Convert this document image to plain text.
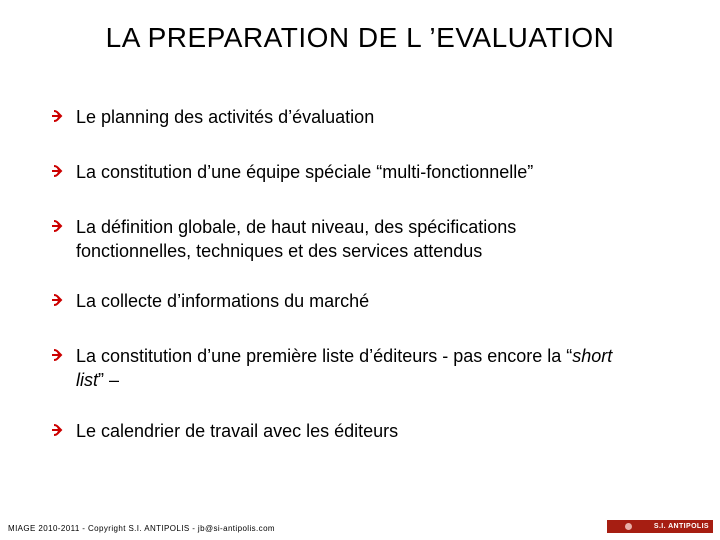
LA PREPARATION DE L ’EVALUATION
Le planning des activités d’évaluation
La constitution d’une équipe spéciale “multi-fonctionnelle”
La définition globale, de haut niveau, des spécifications
fonctionnelles, techniques et des services attendus
La collecte d’informations du marché
La constitution d’une première liste d’éditeurs - pas encore la “short
list” –
Le calendrier de travail avec les éditeurs
MIAGE 2010-2011 - Copyright S.I. ANTIPOLIS - jb@si-antipolis.com	S.I. ANTIPOLIS
